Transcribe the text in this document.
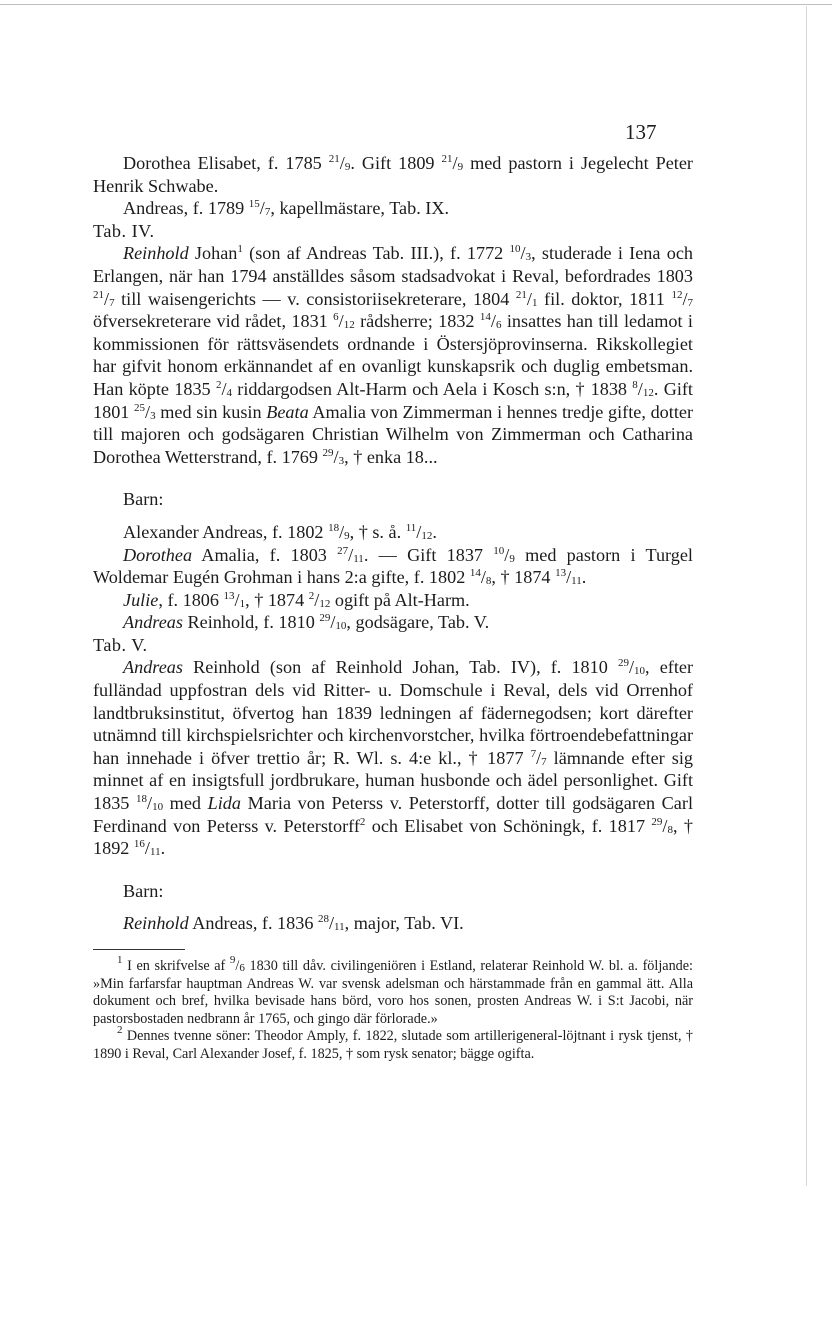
137

Dorothea Elisabet, f. 1785 $^{21}/_9$. Gift 1809 $^{21}/_9$ med pastorn i Jegelecht Peter Henrik Schwabe.

Andreas, f. 1789 $^{15}/_7$, kapellmästare, Tab. IX.

Tab. IV.

Reinhold Johan$^1$ (son af Andreas Tab. III.), f. 1772 $^{10}/_3$, studerade i Iena och Erlangen, när han 1794 anställdes såsom stadsadvokat i Reval, befordrades 1803 $^{21}/_7$ till waisengerichts — v. consistoriisekreterare, 1804 $^{21}/_1$ fil. doktor, 1811 $^{12}/_7$ öfversekreterare vid rådet, 1831 $^6/_{12}$ rådsherre; 1832 $^{14}/_6$ insattes han till ledamot i kommissionen för rättsväsendets ordnande i Östersjöprovinserna. Rikskollegiet har gifvit honom erkännandet af en ovanligt kunskapsrik och duglig embetsman. Han köpte 1835 $^2/_4$ riddargodsen Alt-Harm och Aela i Kosch s:n, † 1838 $^8/_{12}$. Gift 1801 $^{25}/_3$ med sin kusin Beata Amalia von Zimmerman i hennes tredje gifte, dotter till majoren och godsägaren Christian Wilhelm von Zimmerman och Catharina Dorothea Wetterstrand, f. 1769 $^{29}/_3$, † enka 18...

Barn:

Alexander Andreas, f. 1802 $^{18}/_9$, † s. å. $^{11}/_{12}$.

Dorothea Amalia, f. 1803 $^{27}/_{11}$. — Gift 1837 $^{10}/_9$ med pastorn i Turgel Woldemar Eugén Grohman i hans 2:a gifte, f. 1802 $^{14}/_8$, † 1874 $^{13}/_{11}$.

Julie, f. 1806 $^{13}/_1$, † 1874 $^2/_{12}$ ogift på Alt-Harm.

Andreas Reinhold, f. 1810 $^{29}/_{10}$, godsägare, Tab. V.

Tab. V.

Andreas Reinhold (son af Reinhold Johan, Tab. IV), f. 1810 $^{29}/_{10}$, efter fulländad uppfostran dels vid Ritter- u. Domschule i Reval, dels vid Orrenhof landtbruksinstitut, öfvertog han 1839 ledningen af fädernegodsen; kort därefter utnämnd till kirchspielsrichter och kirchenvorstcher, hvilka förtroendebefattningar han innehade i öfver trettio år; R. Wl. s. 4:e kl., † 1877 $^7/_7$ lämnande efter sig minnet af en insigtsfull jordbrukare, human husbonde och ädel personlighet. Gift 1835 $^{18}/_{10}$ med Lida Maria von Peterss v. Peterstorff, dotter till godsägaren Carl Ferdinand von Peterss v. Peterstorff$^2$ och Elisabet von Schöningk, f. 1817 $^{29}/_8$, † 1892 $^{16}/_{11}$.

Barn:

Reinhold Andreas, f. 1836 $^{28}/_{11}$, major, Tab. VI.

$^1$ I en skrifvelse af $^9/_6$ 1830 till dåv. civilingeniören i Estland, relaterar Reinhold W. bl. a. följande: »Min farfarsfar hauptman Andreas W. var svensk adelsman och härstammade från en gammal ätt. Alla dokument och bref, hvilka bevisade hans börd, voro hos sonen, prosten Andreas W. i S:t Jacobi, när pastorsbostaden nedbrann år 1765, och gingo där förlorade.»

$^2$ Dennes tvenne söner: Theodor Amply, f. 1822, slutade som artillerigeneral-löjtnant i rysk tjenst, † 1890 i Reval, Carl Alexander Josef, f. 1825, † som rysk senator; bägge ogifta.
